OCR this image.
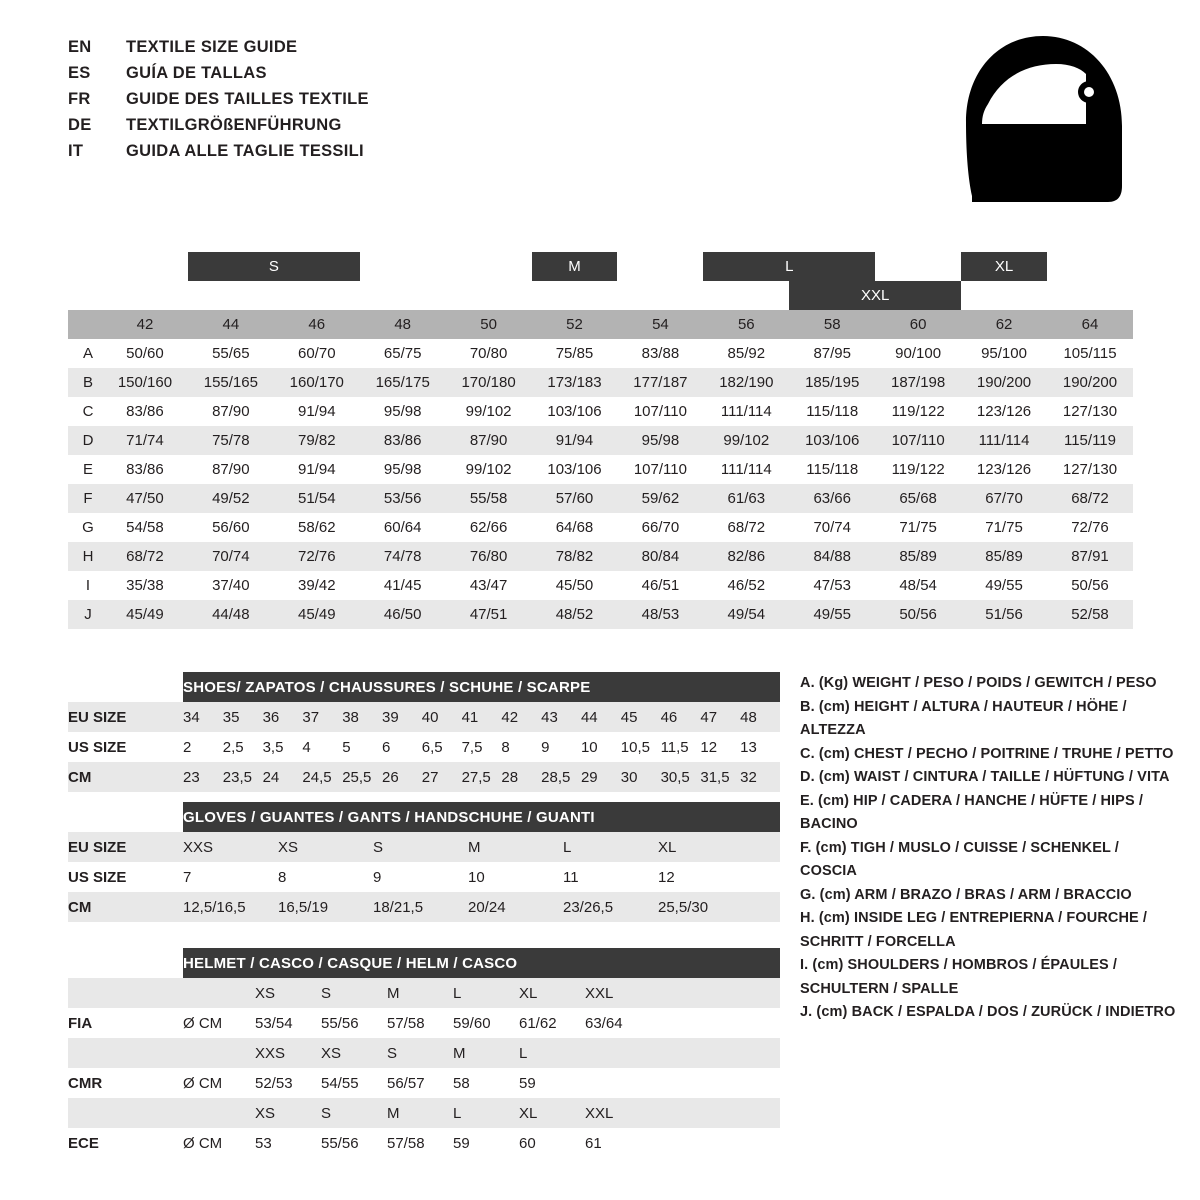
EN	TEXTILE SIZE GUIDE
ES	GUÍA DE TALLAS
FR	GUIDE DES TAILLES TEXTILE
DE	TEXTILGRÖßENFÜHRUNG
IT	GUIDA ALLE TAGLIE TESSILI
		S				M		L			XL	
									XXL			
	42	44	46	48	50	52	54	56	58	60	62	64
A	50/60	55/65	60/70	65/75	70/80	75/85	83/88	85/92	87/95	90/100	95/100	105/115
B	150/160	155/165	160/170	165/175	170/180	173/183	177/187	182/190	185/195	187/198	190/200	190/200
C	83/86	87/90	91/94	95/98	99/102	103/106	107/110	111/114	115/118	119/122	123/126	127/130
D	71/74	75/78	79/82	83/86	87/90	91/94	95/98	99/102	103/106	107/110	111/114	115/119
E	83/86	87/90	91/94	95/98	99/102	103/106	107/110	111/114	115/118	119/122	123/126	127/130
F	47/50	49/52	51/54	53/56	55/58	57/60	59/62	61/63	63/66	65/68	67/70	68/72
G	54/58	56/60	58/62	60/64	62/66	64/68	66/70	68/72	70/74	71/75	71/75	72/76
H	68/72	70/74	72/76	74/78	76/80	78/82	80/84	82/86	84/88	85/89	85/89	87/91
I	35/38	37/40	39/42	41/45	43/47	45/50	46/51	46/52	47/53	48/54	49/55	50/56
J	45/49	44/48	45/49	46/50	47/51	48/52	48/53	49/54	49/55	50/56	51/56	52/58
	SHOES/ ZAPATOS / CHAUSSURES / SCHUHE / SCARPE														
EU SIZE	34	35	36	37	38	39	40	41	42	43	44	45	46	47	48
US SIZE	2	2,5	3,5	4	5	6	6,5	7,5	8	9	10	10,5	11,5	12	13
CM	23	23,5	24	24,5	25,5	26	27	27,5	28	28,5	29	30	30,5	31,5	32
	GLOVES / GUANTES / GANTS / HANDSCHUHE / GUANTI						
EU SIZE	XXS	XS	S	M	L	XL	
US SIZE	7	8	9	10	11	12	
CM	12,5/16,5	16,5/19	18/21,5	20/24	23/26,5	25,5/30	
	HELMET / CASCO / CASQUE / HELM / CASCO							
		XS	S	M	L	XL	XXL	
FIA	Ø CM	53/54	55/56	57/58	59/60	61/62	63/64	
		XXS	XS	S	M	L		
CMR	Ø CM	52/53	54/55	56/57	58	59		
		XS	S	M	L	XL	XXL	
ECE	Ø CM	53	55/56	57/58	59	60	61	
A. (Kg) WEIGHT / PESO / POIDS / GEWITCH / PESO
B. (cm) HEIGHT / ALTURA / HAUTEUR / HÖHE / ALTEZZA
C. (cm) CHEST / PECHO / POITRINE / TRUHE / PETTO
D. (cm) WAIST / CINTURA / TAILLE / HÜFTUNG / VITA
E. (cm) HIP / CADERA / HANCHE / HÜFTE / HIPS / BACINO
F. (cm) TIGH / MUSLO / CUISSE / SCHENKEL / COSCIA
G. (cm) ARM / BRAZO / BRAS / ARM / BRACCIO
H. (cm) INSIDE LEG / ENTREPIERNA / FOURCHE /
SCHRITT / FORCELLA
I. (cm) SHOULDERS / HOMBROS / ÉPAULES /
SCHULTERN / SPALLE
J. (cm) BACK / ESPALDA / DOS / ZURÜCK / INDIETRO
